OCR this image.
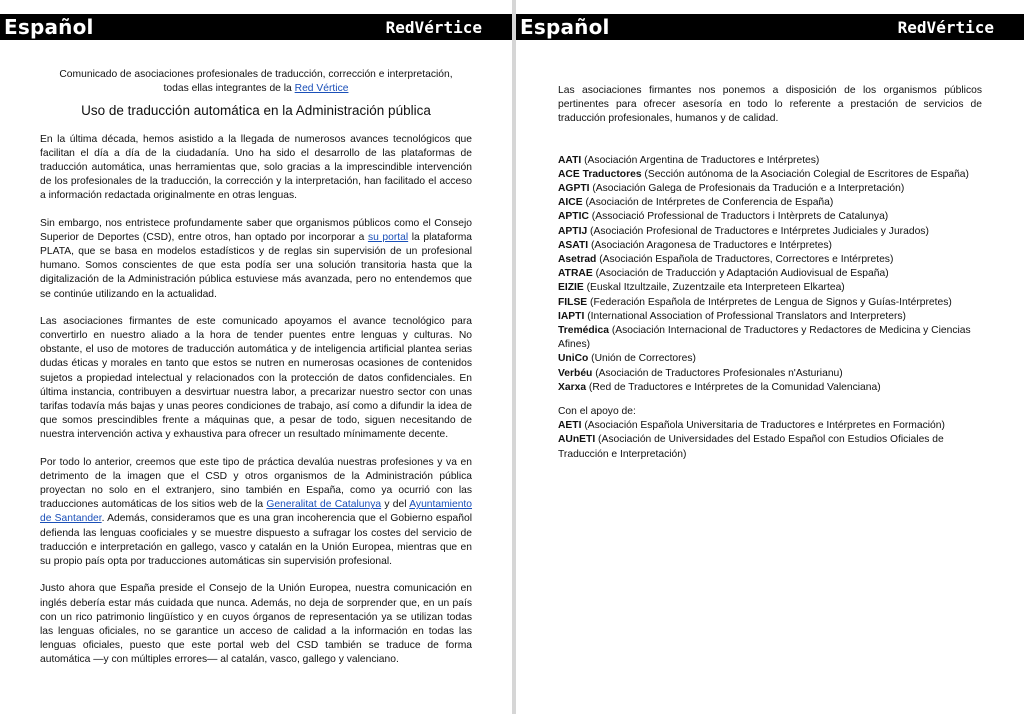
Español	RedVértice

Comunicado de asociaciones profesionales de traducción, corrección e interpretación, todas ellas integrantes de la Red Vértice

Uso de traducción automática en la Administración pública

En la última década, hemos asistido a la llegada de numerosos avances tecnológicos que facilitan el día a día de la ciudadanía. Uno ha sido el desarrollo de las plataformas de traducción automática, unas herramientas que, solo gracias a la imprescindible intervención de los profesionales de la traducción, la corrección y la interpretación, han facilitado el acceso a información redactada originalmente en otras lenguas.

Sin embargo, nos entristece profundamente saber que organismos públicos como el Consejo Superior de Deportes (CSD), entre otros, han optado por incorporar a su portal la plataforma PLATA, que se basa en modelos estadísticos y de reglas sin supervisión de un profesional humano. Somos conscientes de que esta podía ser una solución transitoria hasta que la digitalización de la Administración pública estuviese más avanzada, pero no entendemos que se continúe utilizando en la actualidad.

Las asociaciones firmantes de este comunicado apoyamos el avance tecnológico para convertirlo en nuestro aliado a la hora de tender puentes entre lenguas y culturas. No obstante, el uso de motores de traducción automática y de inteligencia artificial plantea serias dudas éticas y morales en tanto que estos se nutren en numerosas ocasiones de contenidos sujetos a propiedad intelectual y relacionados con la protección de datos confidenciales. En última instancia, contribuyen a desvirtuar nuestra labor, a precarizar nuestro sector con unas tarifas todavía más bajas y unas peores condiciones de trabajo, así como a difundir la idea de que somos prescindibles frente a máquinas que, a pesar de todo, siguen necesitando de nuestra intervención activa y exhaustiva para ofrecer un resultado mínimamente decente.

Por todo lo anterior, creemos que este tipo de práctica devalúa nuestras profesiones y va en detrimento de la imagen que el CSD y otros organismos de la Administración pública proyectan no solo en el extranjero, sino también en España, como ya ocurrió con las traducciones automáticas de los sitios web de la Generalitat de Catalunya y del Ayuntamiento de Santander. Además, consideramos que es una gran incoherencia que el Gobierno español defienda las lenguas cooficiales y se muestre dispuesto a sufragar los costes del servicio de traducción e interpretación en gallego, vasco y catalán en la Unión Europea, mientras que en su propio país opta por traducciones automáticas sin supervisión profesional.

Justo ahora que España preside el Consejo de la Unión Europea, nuestra comunicación en inglés debería estar más cuidada que nunca. Además, no deja de sorprender que, en un país con un rico patrimonio lingüístico y en cuyos órganos de representación ya se utilizan todas las lenguas oficiales, no se garantice un acceso de calidad a la información en todas las lenguas oficiales, puesto que este portal web del CSD también se traduce de forma automática —y con múltiples errores— al catalán, vasco, gallego y valenciano.

Español	RedVértice

Las asociaciones firmantes nos ponemos a disposición de los organismos públicos pertinentes para ofrecer asesoría en todo lo referente a prestación de servicios de traducción profesionales, humanos y de calidad.

AATI (Asociación Argentina de Traductores e Intérpretes)
ACE Traductores (Sección autónoma de la Asociación Colegial de Escritores de España)
AGPTI (Asociación Galega de Profesionais da Tradución e a Interpretación)
AICE (Asociación de Intérpretes de Conferencia de España)
APTIC (Associació Professional de Traductors i Intèrprets de Catalunya)
APTIJ (Asociación Profesional de Traductores e Intérpretes Judiciales y Jurados)
ASATI (Asociación Aragonesa de Traductores e Intérpretes)
Asetrad (Asociación Española de Traductores, Correctores e Intérpretes)
ATRAE (Asociación de Traducción y Adaptación Audiovisual de España)
EIZIE (Euskal Itzultzaile, Zuzentzaile eta Interpreteen Elkartea)
FILSE (Federación Española de Intérpretes de Lengua de Signos y Guías-Intérpretes)
IAPTI (International Association of Professional Translators and Interpreters)
Tremédica (Asociación Internacional de Traductores y Redactores de Medicina y Ciencias Afines)
UniCo (Unión de Correctores)
Verbéu (Asociación de Traductores Profesionales n'Asturianu)
Xarxa (Red de Traductores e Intérpretes de la Comunidad Valenciana)

Con el apoyo de:

AETI (Asociación Española Universitaria de Traductores e Intérpretes en Formación)
AUnETI (Asociación de Universidades del Estado Español con Estudios Oficiales de Traducción e Interpretación)
